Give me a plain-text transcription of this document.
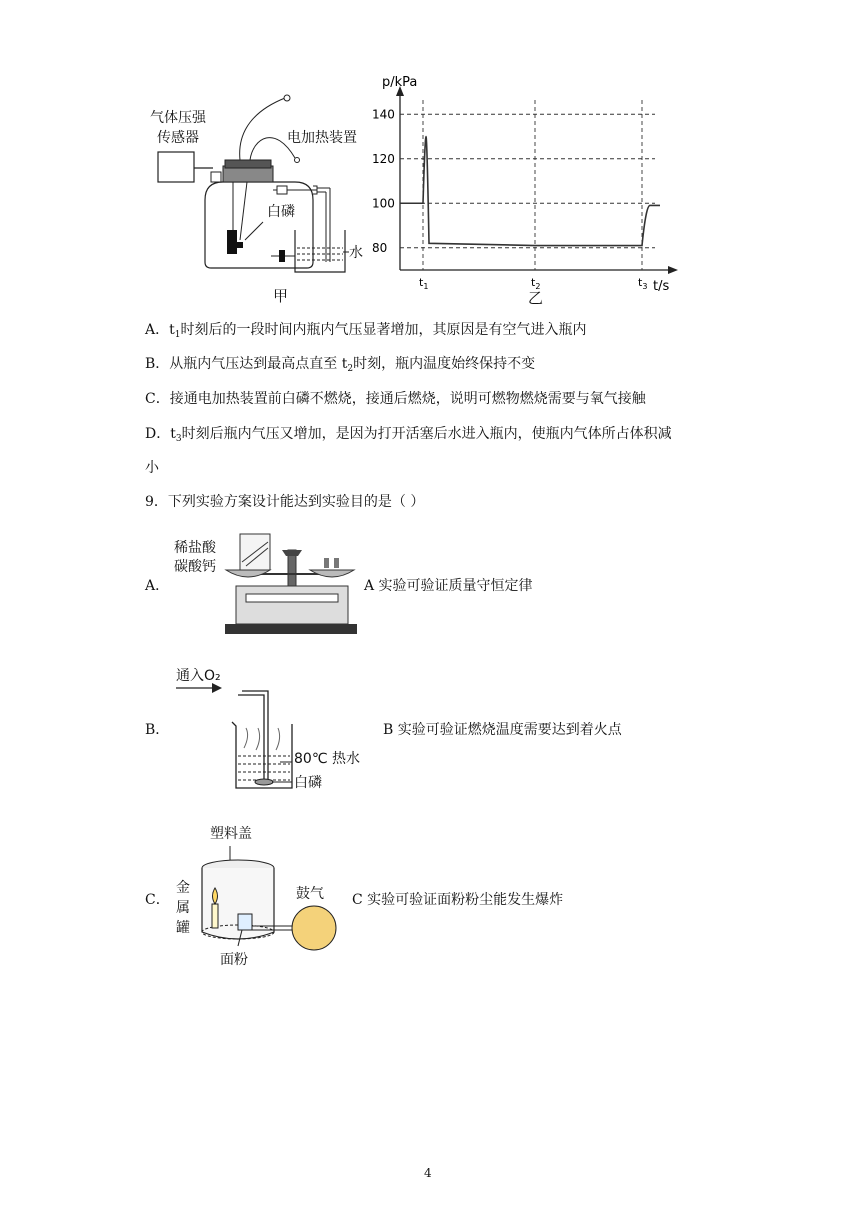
气体压强
传感器	电加热装置
白磷
水
甲
p/kPa
t/s
140
120
100
80
$t_1$	$t_2$	$t_3$
乙
A．$t_1$时刻后的一段时间内瓶内气压显著增加，其原因是有空气进入瓶内
B．从瓶内气压达到最高点直至 $t_2$时刻，瓶内温度始终保持不变
C．接通电加热装置前白磷不燃烧，接通后燃烧，说明可燃物燃烧需要与氧气接触
D．$t_3$时刻后瓶内气压又增加，是因为打开活塞后水进入瓶内，使瓶内气体所占体积减
小
9．下列实验方案设计能达到实验目的是（ ）
A．
稀盐酸
碳酸钙
A 实验可验证质量守恒定律
B．
通入O₂
80℃ 热水
白磷
B 实验可验证燃烧温度需要达到着火点
C．
塑料盖
金
属
罐
面粉
鼓气 C 实验可验证面粉粉尘能发生爆炸
4
